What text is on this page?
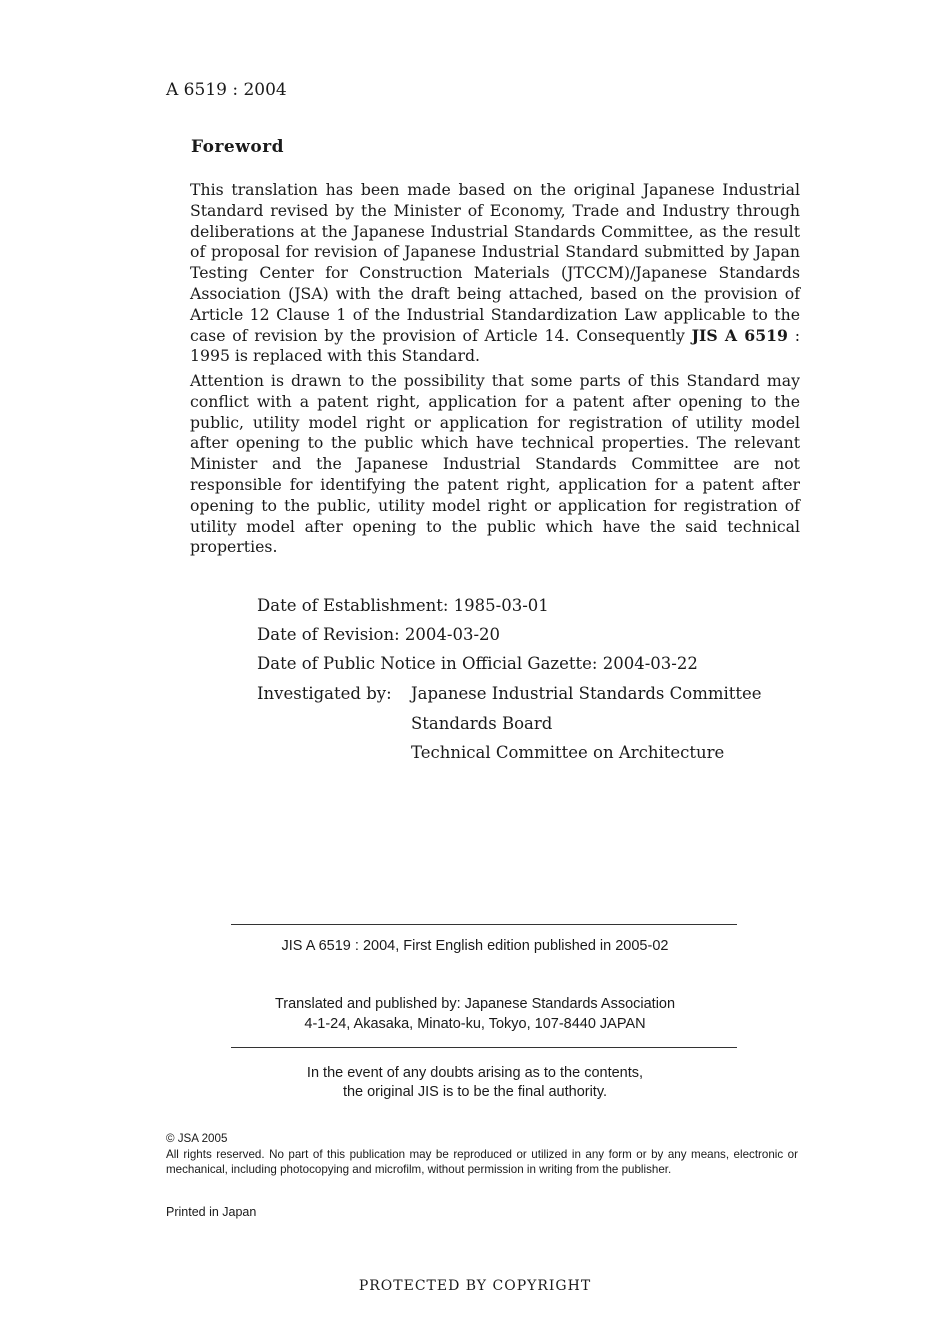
A 6519 : 2004
Foreword

This translation has been made based on the original Japanese Industrial Standard revised by the Minister of Economy, Trade and Industry through deliberations at the Japanese Industrial Standards Committee, as the result of proposal for revision of Japanese Industrial Standard submitted by Japan Testing Center for Construction Materials (JTCCM)/Japanese Standards Association (JSA) with the draft being attached, based on the provision of Article 12 Clause 1 of the Industrial Standardization Law applicable to the case of revision by the provision of Article 14. Consequently JIS A 6519 : 1995 is replaced with this Standard.

Attention is drawn to the possibility that some parts of this Standard may conflict with a patent right, application for a patent after opening to the public, utility model right or application for registration of utility model after opening to the public which have technical properties. The relevant Minister and the Japanese Industrial Standards Committee are not responsible for identifying the patent right, application for a patent after opening to the public, utility model right or application for registration of utility model after opening to the public which have the said technical properties.

Date of Establishment: 1985-03-01
Date of Revision: 2004-03-20
Date of Public Notice in Official Gazette: 2004-03-22
Investigated by: Japanese Industrial Standards Committee
Standards Board
Technical Committee on Architecture
JIS A 6519 : 2004, First English edition published in 2005-02
Translated and published by: Japanese Standards Association
4-1-24, Akasaka, Minato-ku, Tokyo, 107-8440 JAPAN
In the event of any doubts arising as to the contents,
the original JIS is to be the final authority.

© JSA 2005

All rights reserved. No part of this publication may be reproduced or utilized in any form or by any means, electronic or mechanical, including photocopying and microfilm, without permission in writing from the publisher.

Printed in Japan
PROTECTED BY COPYRIGHT
